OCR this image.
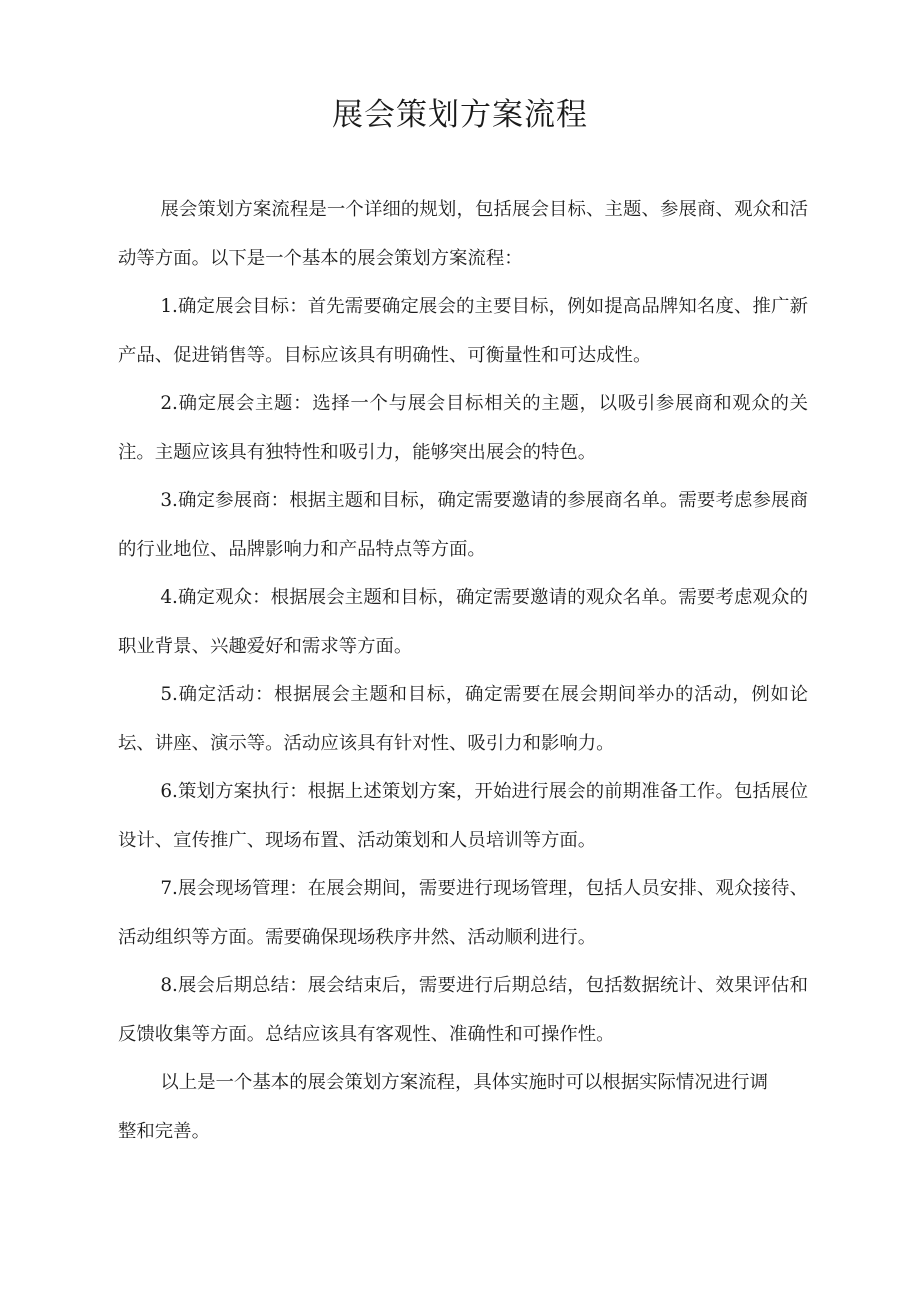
展会策划方案流程

展会策划方案流程是一个详细的规划，包括展会目标、主题、参展商、观众和活动等方面。以下是一个基本的展会策划方案流程：

1.确定展会目标：首先需要确定展会的主要目标，例如提高品牌知名度、推广新产品、促进销售等。目标应该具有明确性、可衡量性和可达成性。

2.确定展会主题：选择一个与展会目标相关的主题，以吸引参展商和观众的关注。主题应该具有独特性和吸引力，能够突出展会的特色。

3.确定参展商：根据主题和目标，确定需要邀请的参展商名单。需要考虑参展商的行业地位、品牌影响力和产品特点等方面。

4.确定观众：根据展会主题和目标，确定需要邀请的观众名单。需要考虑观众的职业背景、兴趣爱好和需求等方面。

5.确定活动：根据展会主题和目标，确定需要在展会期间举办的活动，例如论坛、讲座、演示等。活动应该具有针对性、吸引力和影响力。

6.策划方案执行：根据上述策划方案，开始进行展会的前期准备工作。包括展位设计、宣传推广、现场布置、活动策划和人员培训等方面。

7.展会现场管理：在展会期间，需要进行现场管理，包括人员安排、观众接待、活动组织等方面。需要确保现场秩序井然、活动顺利进行。

8.展会后期总结：展会结束后，需要进行后期总结，包括数据统计、效果评估和反馈收集等方面。总结应该具有客观性、准确性和可操作性。

以上是一个基本的展会策划方案流程，具体实施时可以根据实际情况进行调整和完善。
